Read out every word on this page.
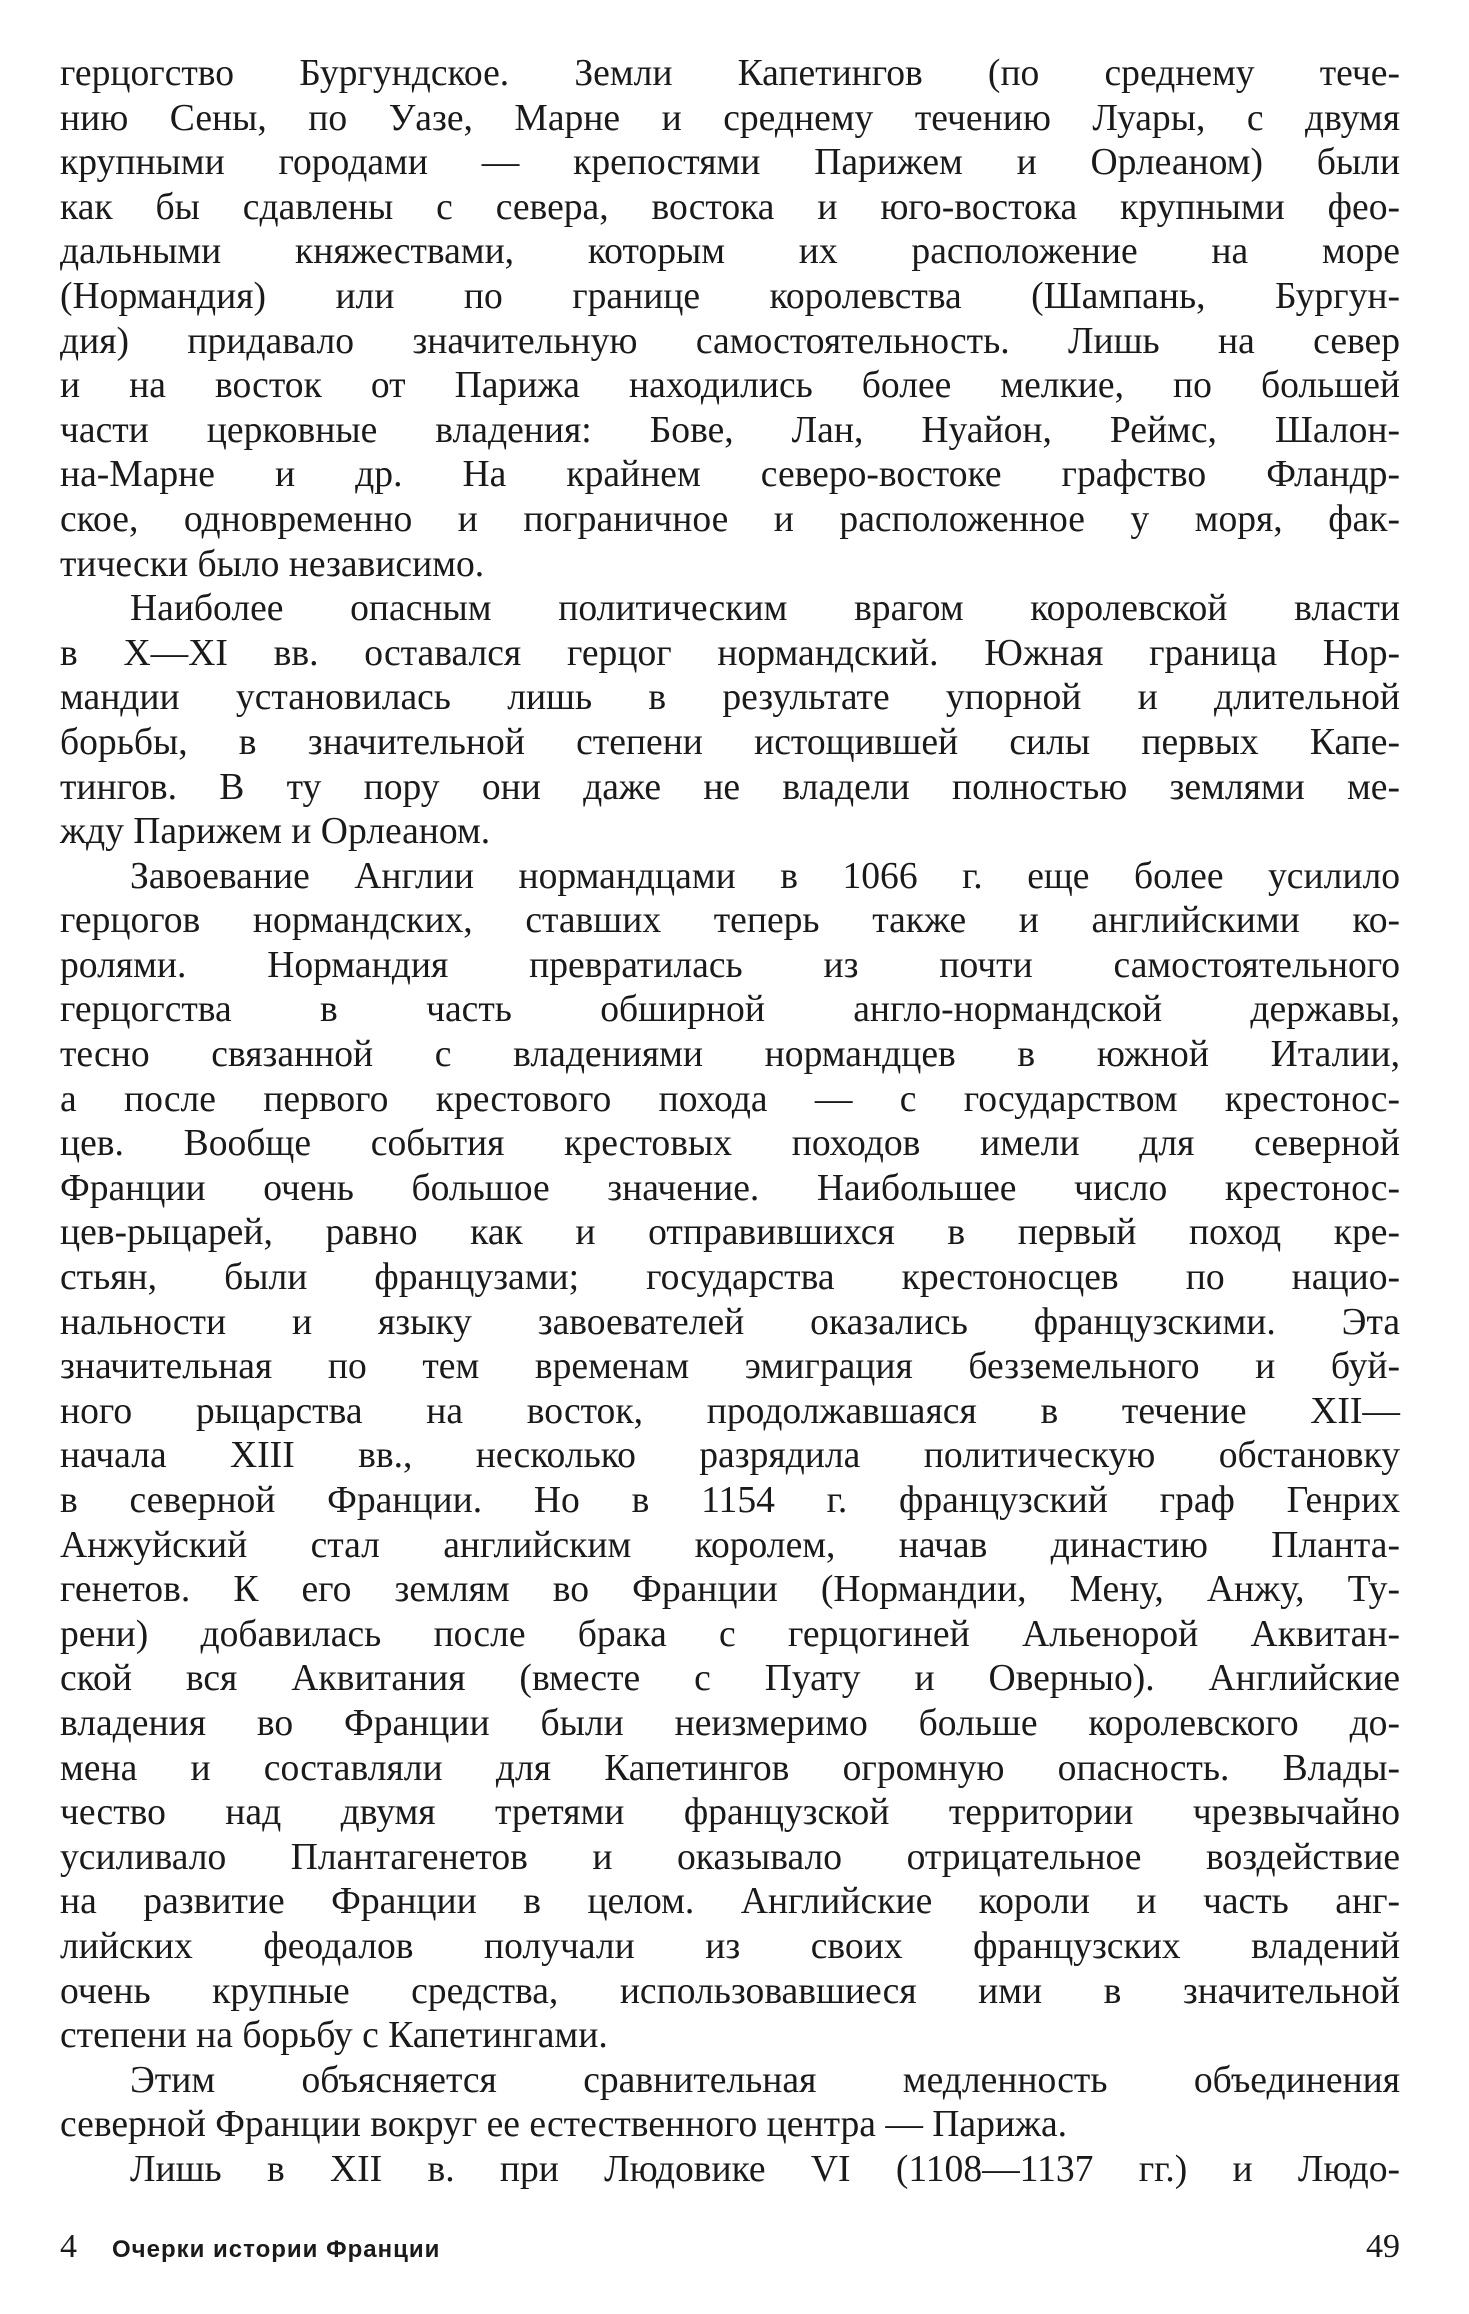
герцогство Бургундское. Земли Капетингов (по среднему тече-
нию Сены, по Уазе, Марне и среднему течению Луары, с двумя
крупными городами — крепостями Парижем и Орлеаном) были
как бы сдавлены с севера, востока и юго-востока крупными фео-
дальными княжествами, которым их расположение на море
(Нормандия) или по границе королевства (Шампань, Бургун-
дия) придавало значительную самостоятельность. Лишь на север
и на восток от Парижа находились более мелкие, по большей
части церковные владения: Бове, Лан, Нуайон, Реймс, Шалон-
на-Марне и др. На крайнем северо-востоке графство Фландр-
ское, одновременно и пограничное и расположенное у моря, фак-
тически было независимо.

Наиболее опасным политическим врагом королевской власти
в X—XI вв. оставался герцог нормандский. Южная граница Нор-
мандии установилась лишь в результате упорной и длительной
борьбы, в значительной степени истощившей силы первых Капе-
тингов. В ту пору они даже не владели полностью землями ме-
жду Парижем и Орлеаном.

Завоевание Англии нормандцами в 1066 г. еще более усилило
герцогов нормандских, ставших теперь также и английскими ко-
ролями. Нормандия превратилась из почти самостоятельного
герцогства в часть обширной англо-нормандской державы,
тесно связанной с владениями нормандцев в южной Италии,
а после первого крестового похода — с государством крестонос-
цев. Вообще события крестовых походов имели для северной
Франции очень большое значение. Наибольшее число крестонос-
цев-рыцарей, равно как и отправившихся в первый поход кре-
стьян, были французами; государства крестоносцев по нацио-
нальности и языку завоевателей оказались французскими. Эта
значительная по тем временам эмиграция безземельного и буй-
ного рыцарства на восток, продолжавшаяся в течение XII—
начала XIII вв., несколько разрядила политическую обстановку
в северной Франции. Но в 1154 г. французский граф Генрих
Анжуйский стал английским королем, начав династию Планта-
генетов. К его землям во Франции (Нормандии, Мену, Анжу, Ту-
рени) добавилась после брака с герцогиней Альенорой Аквитан-
ской вся Аквитания (вместе с Пуату и Оверныо). Английские
владения во Франции были неизмеримо больше королевского до-
мена и составляли для Капетингов огромную опасность. Влады-
чество над двумя третями французской территории чрезвычайно
усиливало Плантагенетов и оказывало отрицательное воздействие
на развитие Франции в целом. Английские короли и часть анг-
лийских феодалов получали из своих французских владений
очень крупные средства, использовавшиеся ими в значительной
степени на борьбу с Капетингами.

Этим объясняется сравнительная медленность объединения
северной Франции вокруг ее естественного центра — Парижа.

Лишь в XII в. при Людовике VI (1108—1137 гг.) и Людо-

4 Очерки истории Франции	49
